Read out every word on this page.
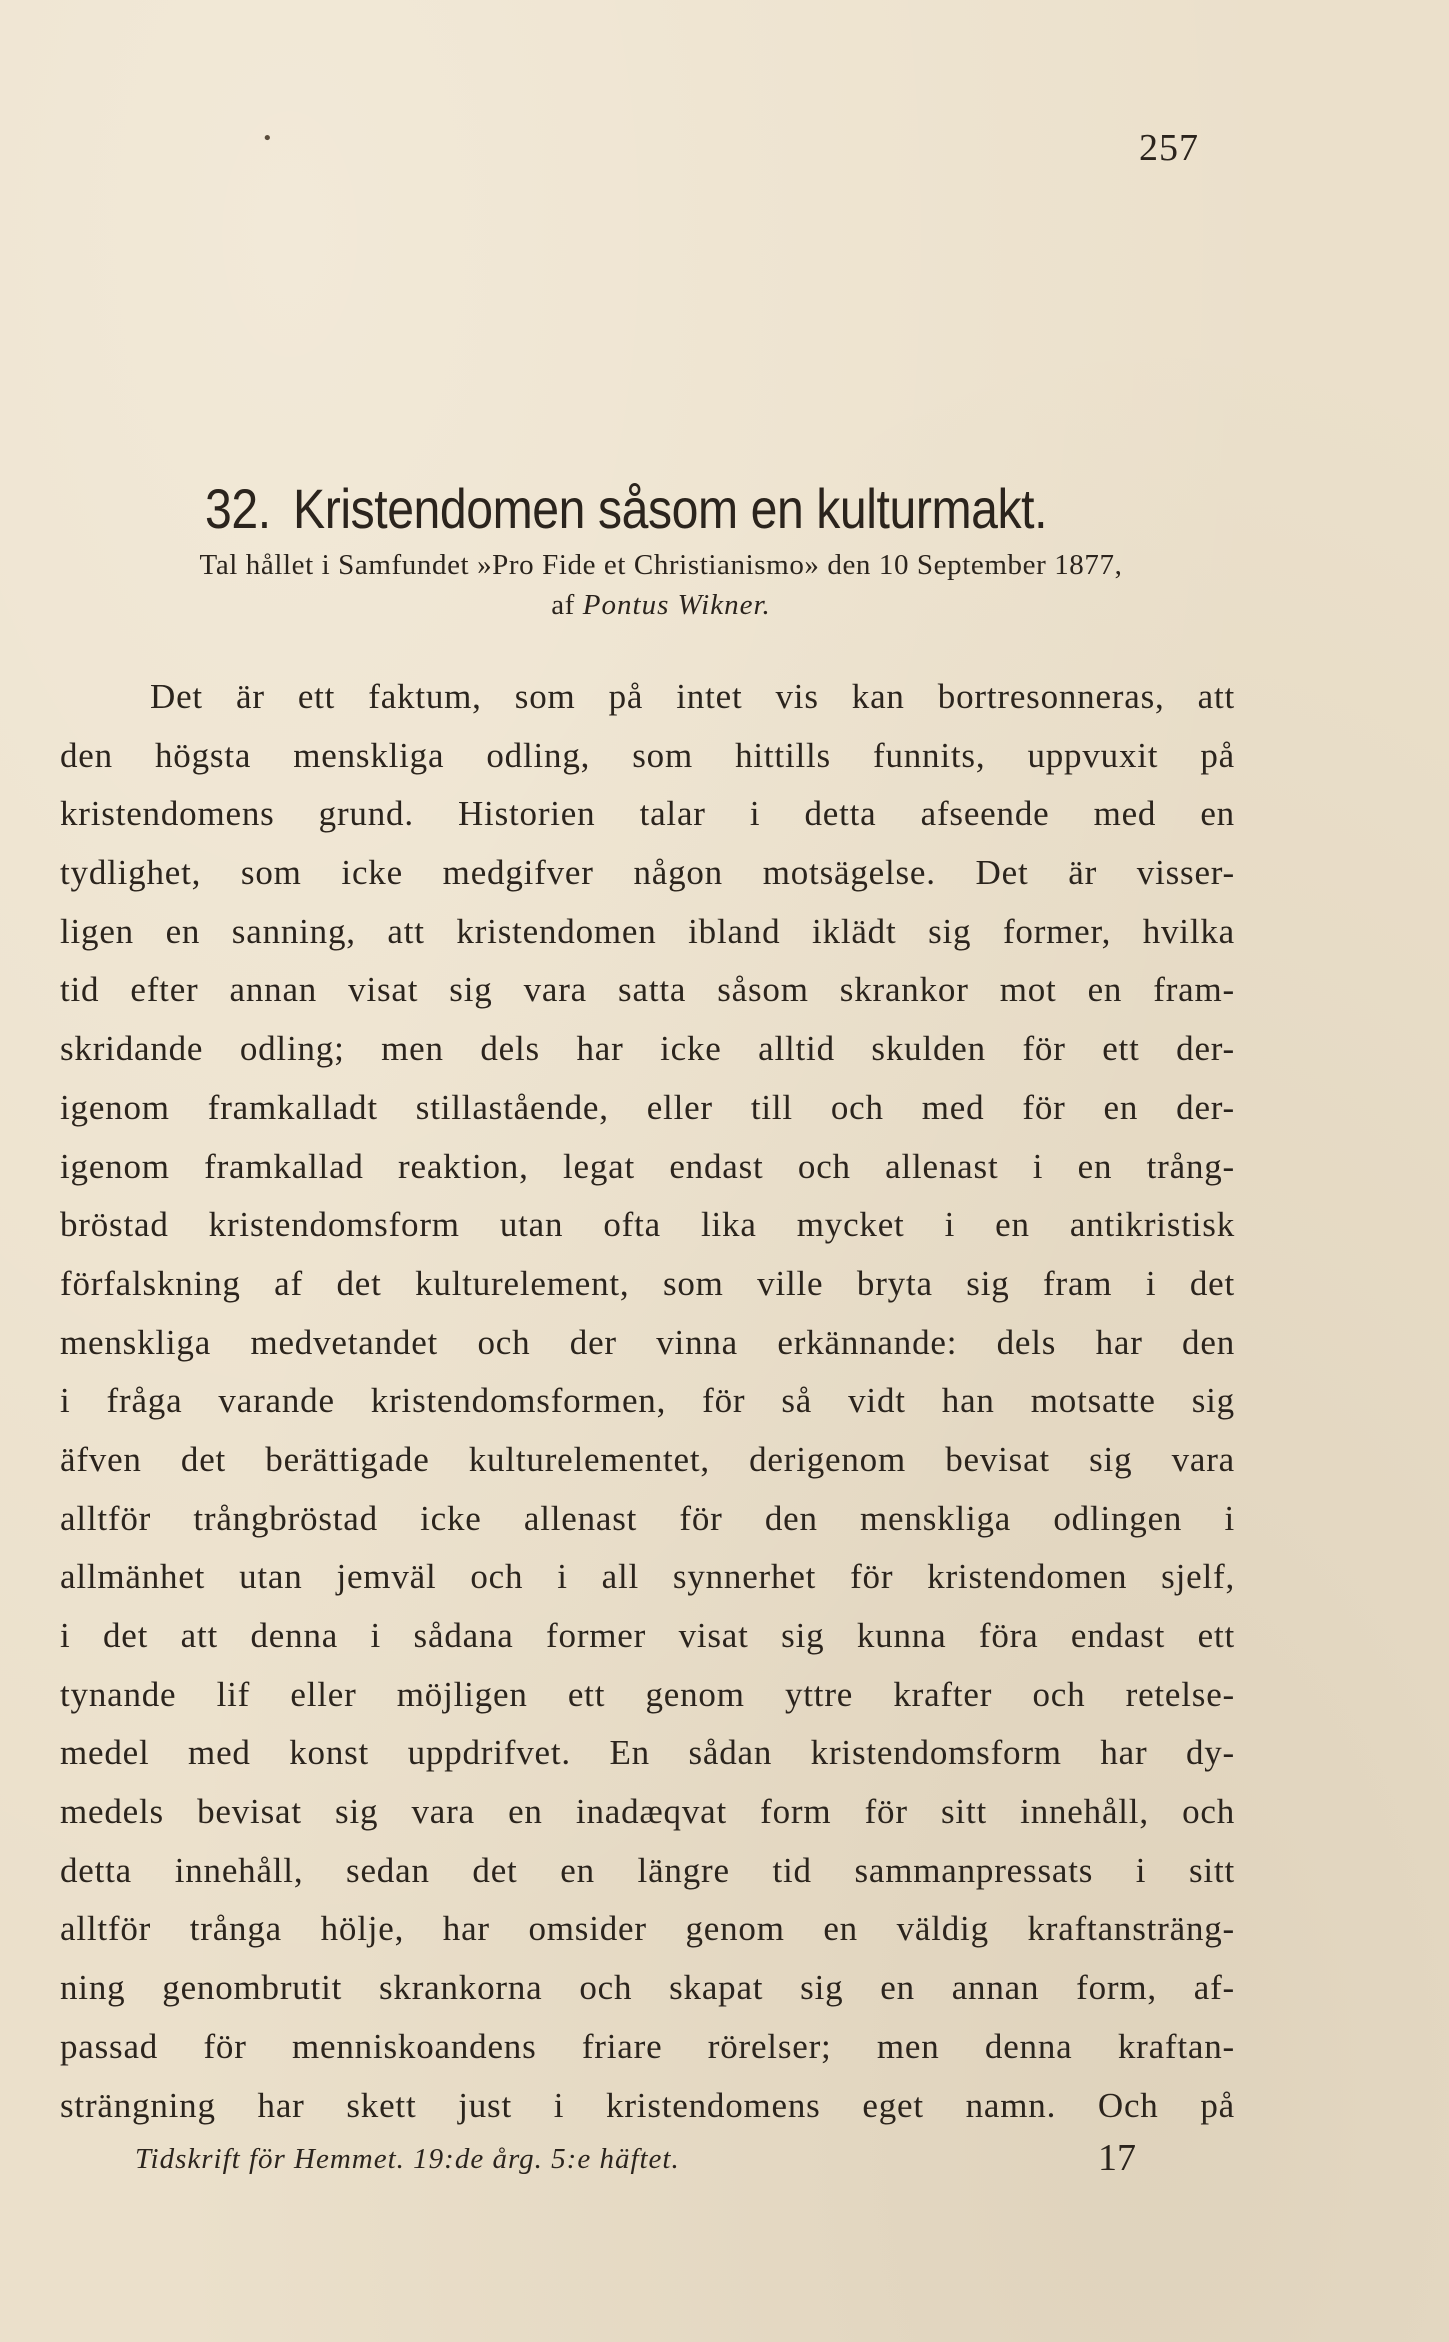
•	257
32. Kristendomen såsom en kulturmakt.
Tal hållet i Samfundet »Pro Fide et Christianismo» den 10 September 1877,
af Pontus Wikner.
Det är ett faktum, som på intet vis kan bortresonneras, att
den högsta menskliga odling, som hittills funnits, uppvuxit på
kristendomens grund. Historien talar i detta afseende med en
tydlighet, som icke medgifver någon motsägelse. Det är visser-
ligen en sanning, att kristendomen ibland iklädt sig former, hvilka
tid efter annan visat sig vara satta såsom skrankor mot en fram-
skridande odling; men dels har icke alltid skulden för ett der-
igenom framkalladt stillastående, eller till och med för en der-
igenom framkallad reaktion, legat endast och allenast i en trång-
bröstad kristendomsform utan ofta lika mycket i en antikristisk
förfalskning af det kulturelement, som ville bryta sig fram i det
menskliga medvetandet och der vinna erkännande: dels har den
i fråga varande kristendomsformen, för så vidt han motsatte sig
äfven det berättigade kulturelementet, derigenom bevisat sig vara
alltför trångbröstad icke allenast för den menskliga odlingen i
allmänhet utan jemväl och i all synnerhet för kristendomen sjelf,
i det att denna i sådana former visat sig kunna föra endast ett
tynande lif eller möjligen ett genom yttre krafter och retelse-
medel med konst uppdrifvet. En sådan kristendomsform har dy-
medels bevisat sig vara en inadæqvat form för sitt innehåll, och
detta innehåll, sedan det en längre tid sammanpressats i sitt
alltför trånga hölje, har omsider genom en väldig kraftansträng-
ning genombrutit skrankorna och skapat sig en annan form, af-
passad för menniskoandens friare rörelser; men denna kraftan-
strängning har skett just i kristendomens eget namn. Och på
Tidskrift för Hemmet. 19:de årg. 5:e häftet.	17
